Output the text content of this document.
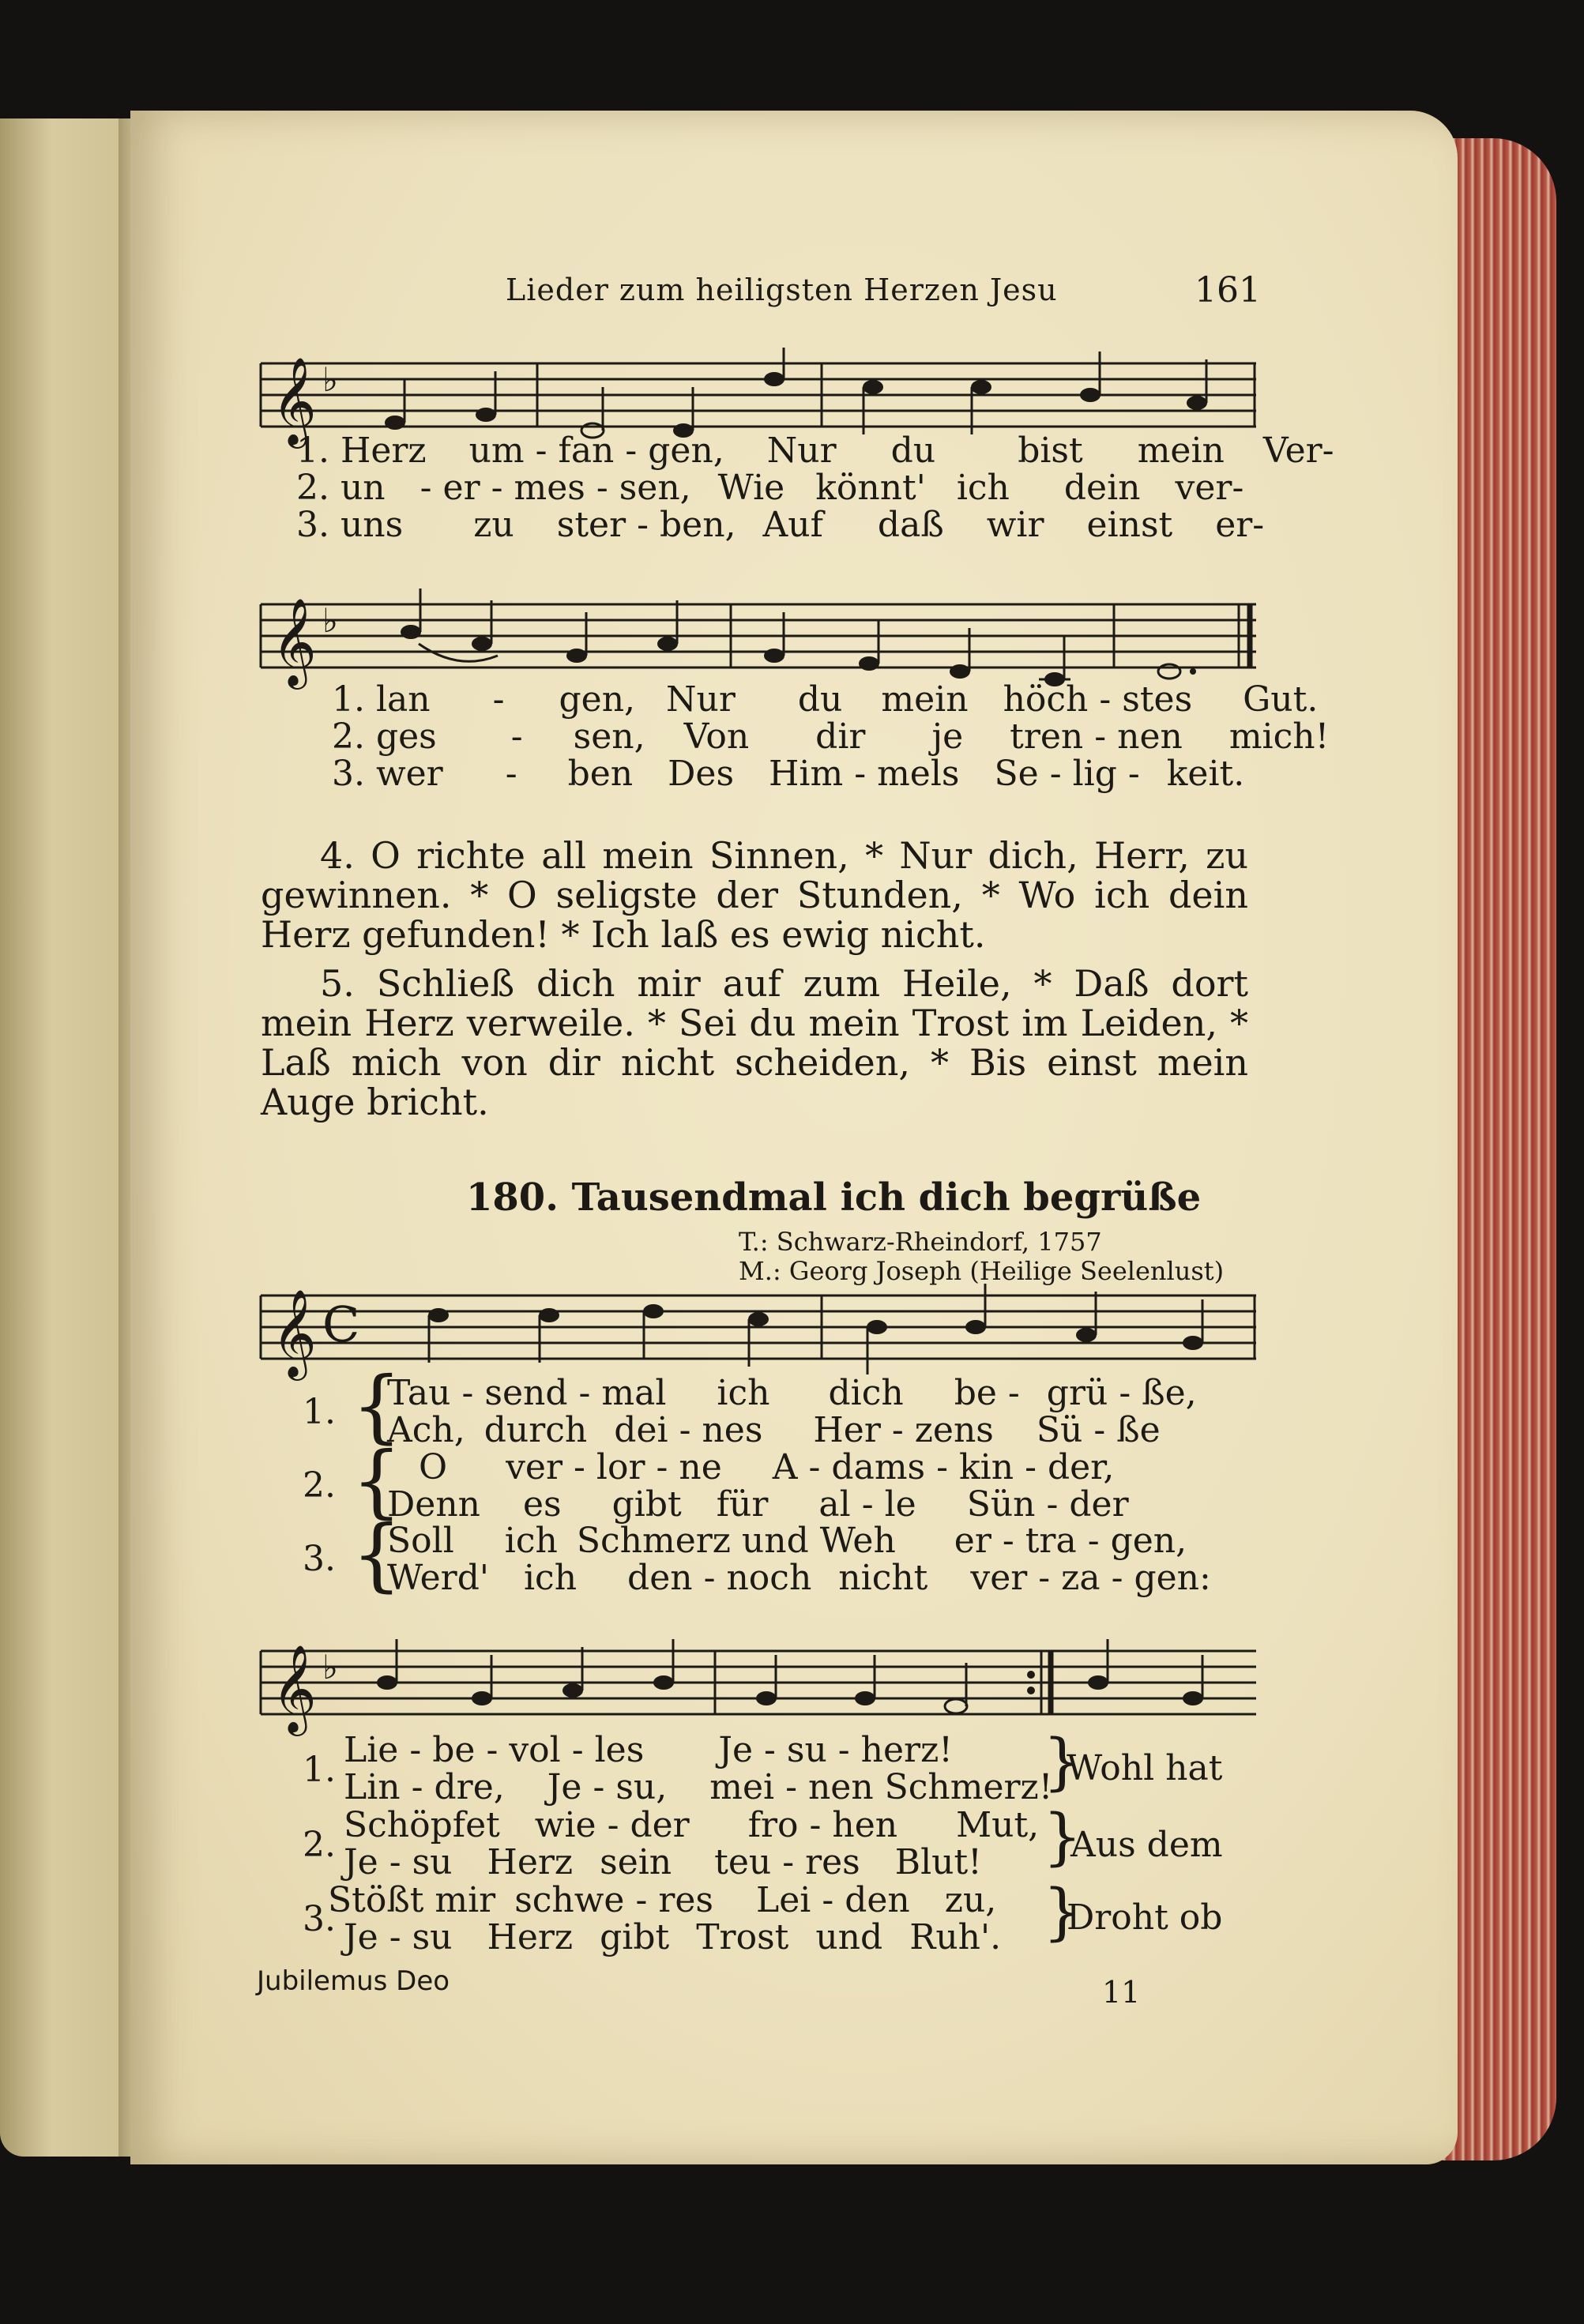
Lieder zum heiligsten Herzen Jesu	161
𝄞 ♭
1. Herz um - fan - gen, Nur du bist mein Ver-
2. un - er - mes - sen, Wie könnt' ich dein ver-
3. uns zu ster - ben, Auf daß wir einst er-
𝄞 ♭
1. lan - gen, Nur du mein höch - stes Gut.
2. ges - sen, Von dir je tren - nen mich!
3. wer - ben Des Him - mels Se - lig - keit.
4. O richte all mein Sinnen, * Nur dich, Herr, zu gewinnen. * O seligste der Stunden, * Wo ich dein Herz gefunden! * Ich laß es ewig nicht.
5. Schließ dich mir auf zum Heile, * Daß dort mein Herz verweile. * Sei du mein Trost im Leiden, * Laß mich von dir nicht scheiden, * Bis einst mein Auge bricht.
180. Tausendmal ich dich begrüße
T.: Schwarz-Rheindorf, 1757
M.: Georg Joseph (Heilige Seelenlust)
𝄞 C
1. {
Tau - send - mal ich dich be - grü - ße,
Ach, durch dei - nes Her - zens Sü - ße
2. { O ver - lor - ne A - dams - kin - der,
Denn es gibt für al - le Sün - der
3. {
Soll ich Schmerz und Weh er - tra - gen,
Werd' ich den - noch nicht ver - za - gen:
𝄞 ♭
1. Lie - be - vol - les Je - su - herz!
Lin - dre, Je - su, mei - nen Schmerz!
}
Wohl hat
2. Schöpfet wie - der fro - hen Mut,
Je - su Herz sein teu - res Blut! }
Aus dem
3.
Stößt mir schwe - res Lei - den zu,
Je - su Herz gibt Trost und Ruh'. }
Droht ob
Jubilemus Deo	11
